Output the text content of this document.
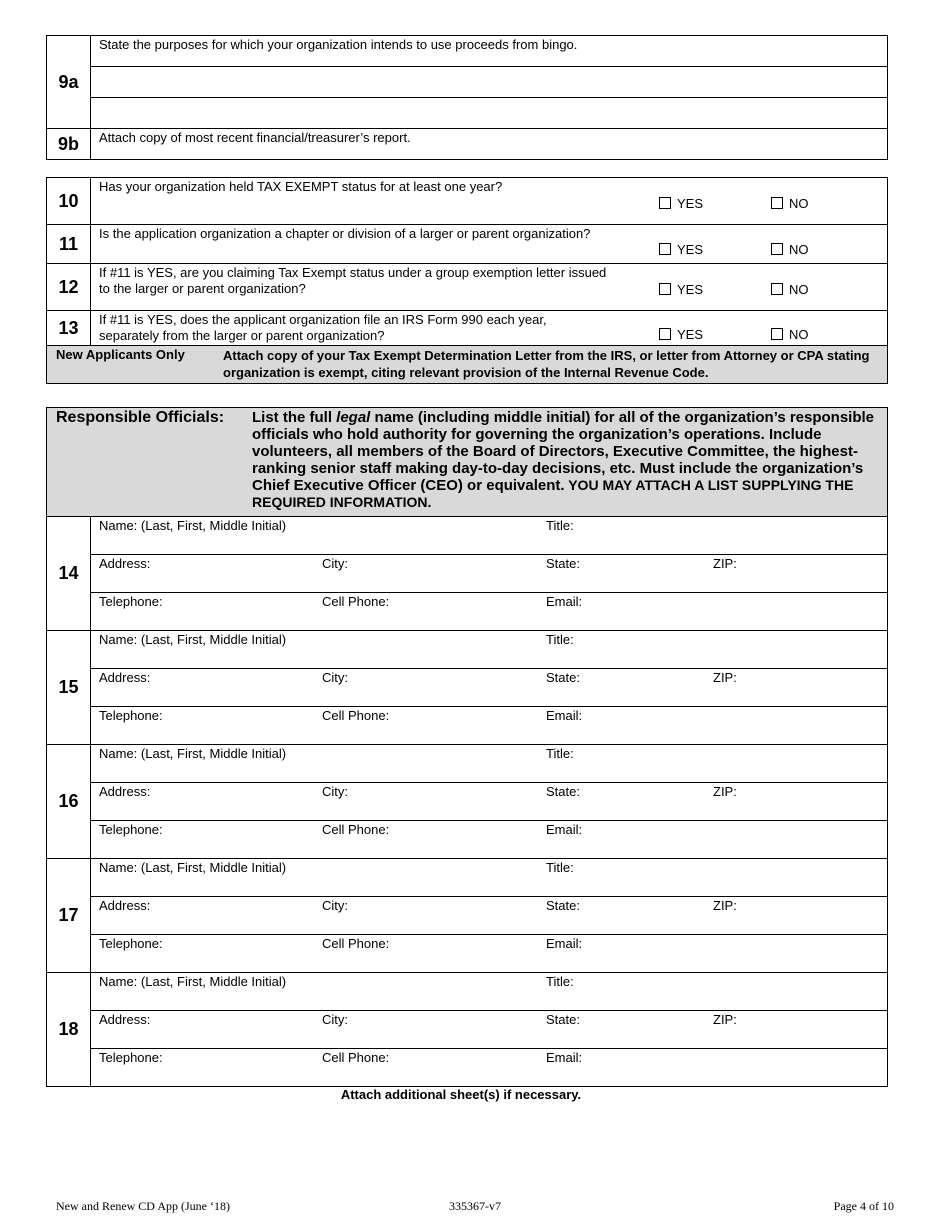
9a	State the purposes for which your organization intends to use proceeds from bingo.

9b	Attach copy of most recent financial/treasurer’s report.
10	Has your organization held TAX EXEMPT status for at least one year?
YES NO

11	Is the application organization a chapter or division of a larger or parent organization?
YES NO

12	If #11 is YES, are you claiming Tax Exempt status under a group exemption letter issued to the larger or parent organization? YES NO

13	If #11 is YES, does the applicant organization file an IRS Form 990 each year, separately from the larger or parent organization? YES NO

New Applicants Only Attach copy of your Tax Exempt Determination Letter from the IRS, or letter from Attorney or CPA stating organization is exempt, citing relevant provision of the Internal Revenue Code.	
Responsible Officials: List the full legal name (including middle initial) for all of the organization’s responsible officials who hold authority for governing the organization’s operations. Include volunteers, all members of the Board of Directors, Executive Committee, the highest-ranking senior staff making day-to-day decisions, etc. Must include the organization’s Chief Executive Officer (CEO) or equivalent. YOU MAY ATTACH A LIST SUPPLYING THE REQUIRED INFORMATION.
14	
Name: (Last, First, Middle Initial)	Title:

Address:	City:	State:	ZIP:

Telephone:	Cell Phone:	Email:
15	
Name: (Last, First, Middle Initial)	Title:

Address:	City:	State:	ZIP:

Telephone:	Cell Phone:	Email:
16	
Name: (Last, First, Middle Initial)	Title:

Address:	City:	State:	ZIP:

Telephone:	Cell Phone:	Email:
17	
Name: (Last, First, Middle Initial)	Title:

Address:	City:	State:	ZIP:

Telephone:	Cell Phone:	Email:
18	
Name: (Last, First, Middle Initial)	Title:

Address:	City:	State:	ZIP:

Telephone:	Cell Phone:	Email:
Attach additional sheet(s) if necessary.
New and Renew CD App (June ‘18)	335367-v7	Page 4 of 10
